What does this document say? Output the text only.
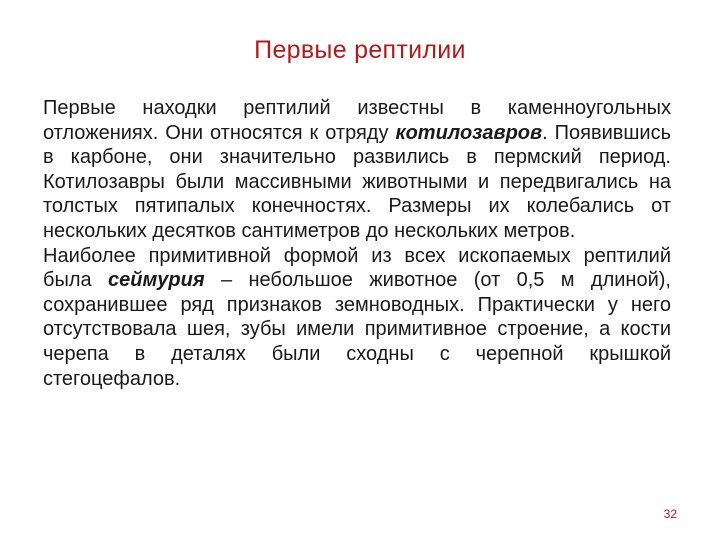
Первые рептилии

Первые находки рептилий известны в каменноугольных отложениях. Они относятся к отряду котилозавров. Появившись в карбоне, они значительно развились в пермский период. Котилозавры были массивными животными и передвигались на толстых пятипалых конечностях. Размеры их колебались от нескольких десятков сантиметров до нескольких метров.

Наиболее примитивной формой из всех ископаемых рептилий была сеймурия – небольшое животное (от 0,5 м длиной), сохранившее ряд признаков земноводных. Практически у него отсутствовала шея, зубы имели примитивное строение, а кости черепа в деталях были сходны с черепной крышкой стегоцефалов.

32
